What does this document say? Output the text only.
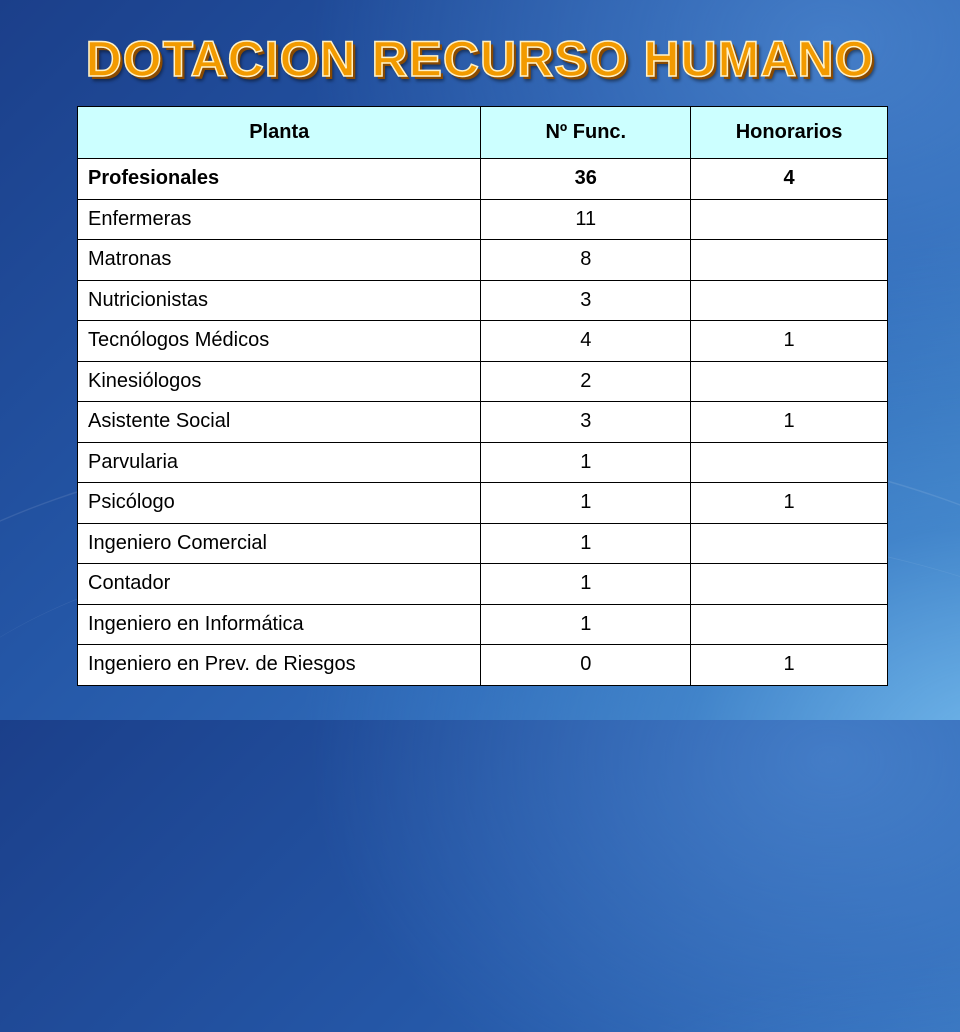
DOTACION RECURSO HUMANO
Planta	Nº Func.	Honorarios
Profesionales	36	4
Enfermeras	11	
Matronas	8	
Nutricionistas	3	
Tecnólogos Médicos	4	1
Kinesiólogos	2	
Asistente Social	3	1
Parvularia	1	
Psicólogo	1	1
Ingeniero Comercial	1	
Contador	1	
Ingeniero en Informática	1	
Ingeniero en Prev. de Riesgos	0	1
